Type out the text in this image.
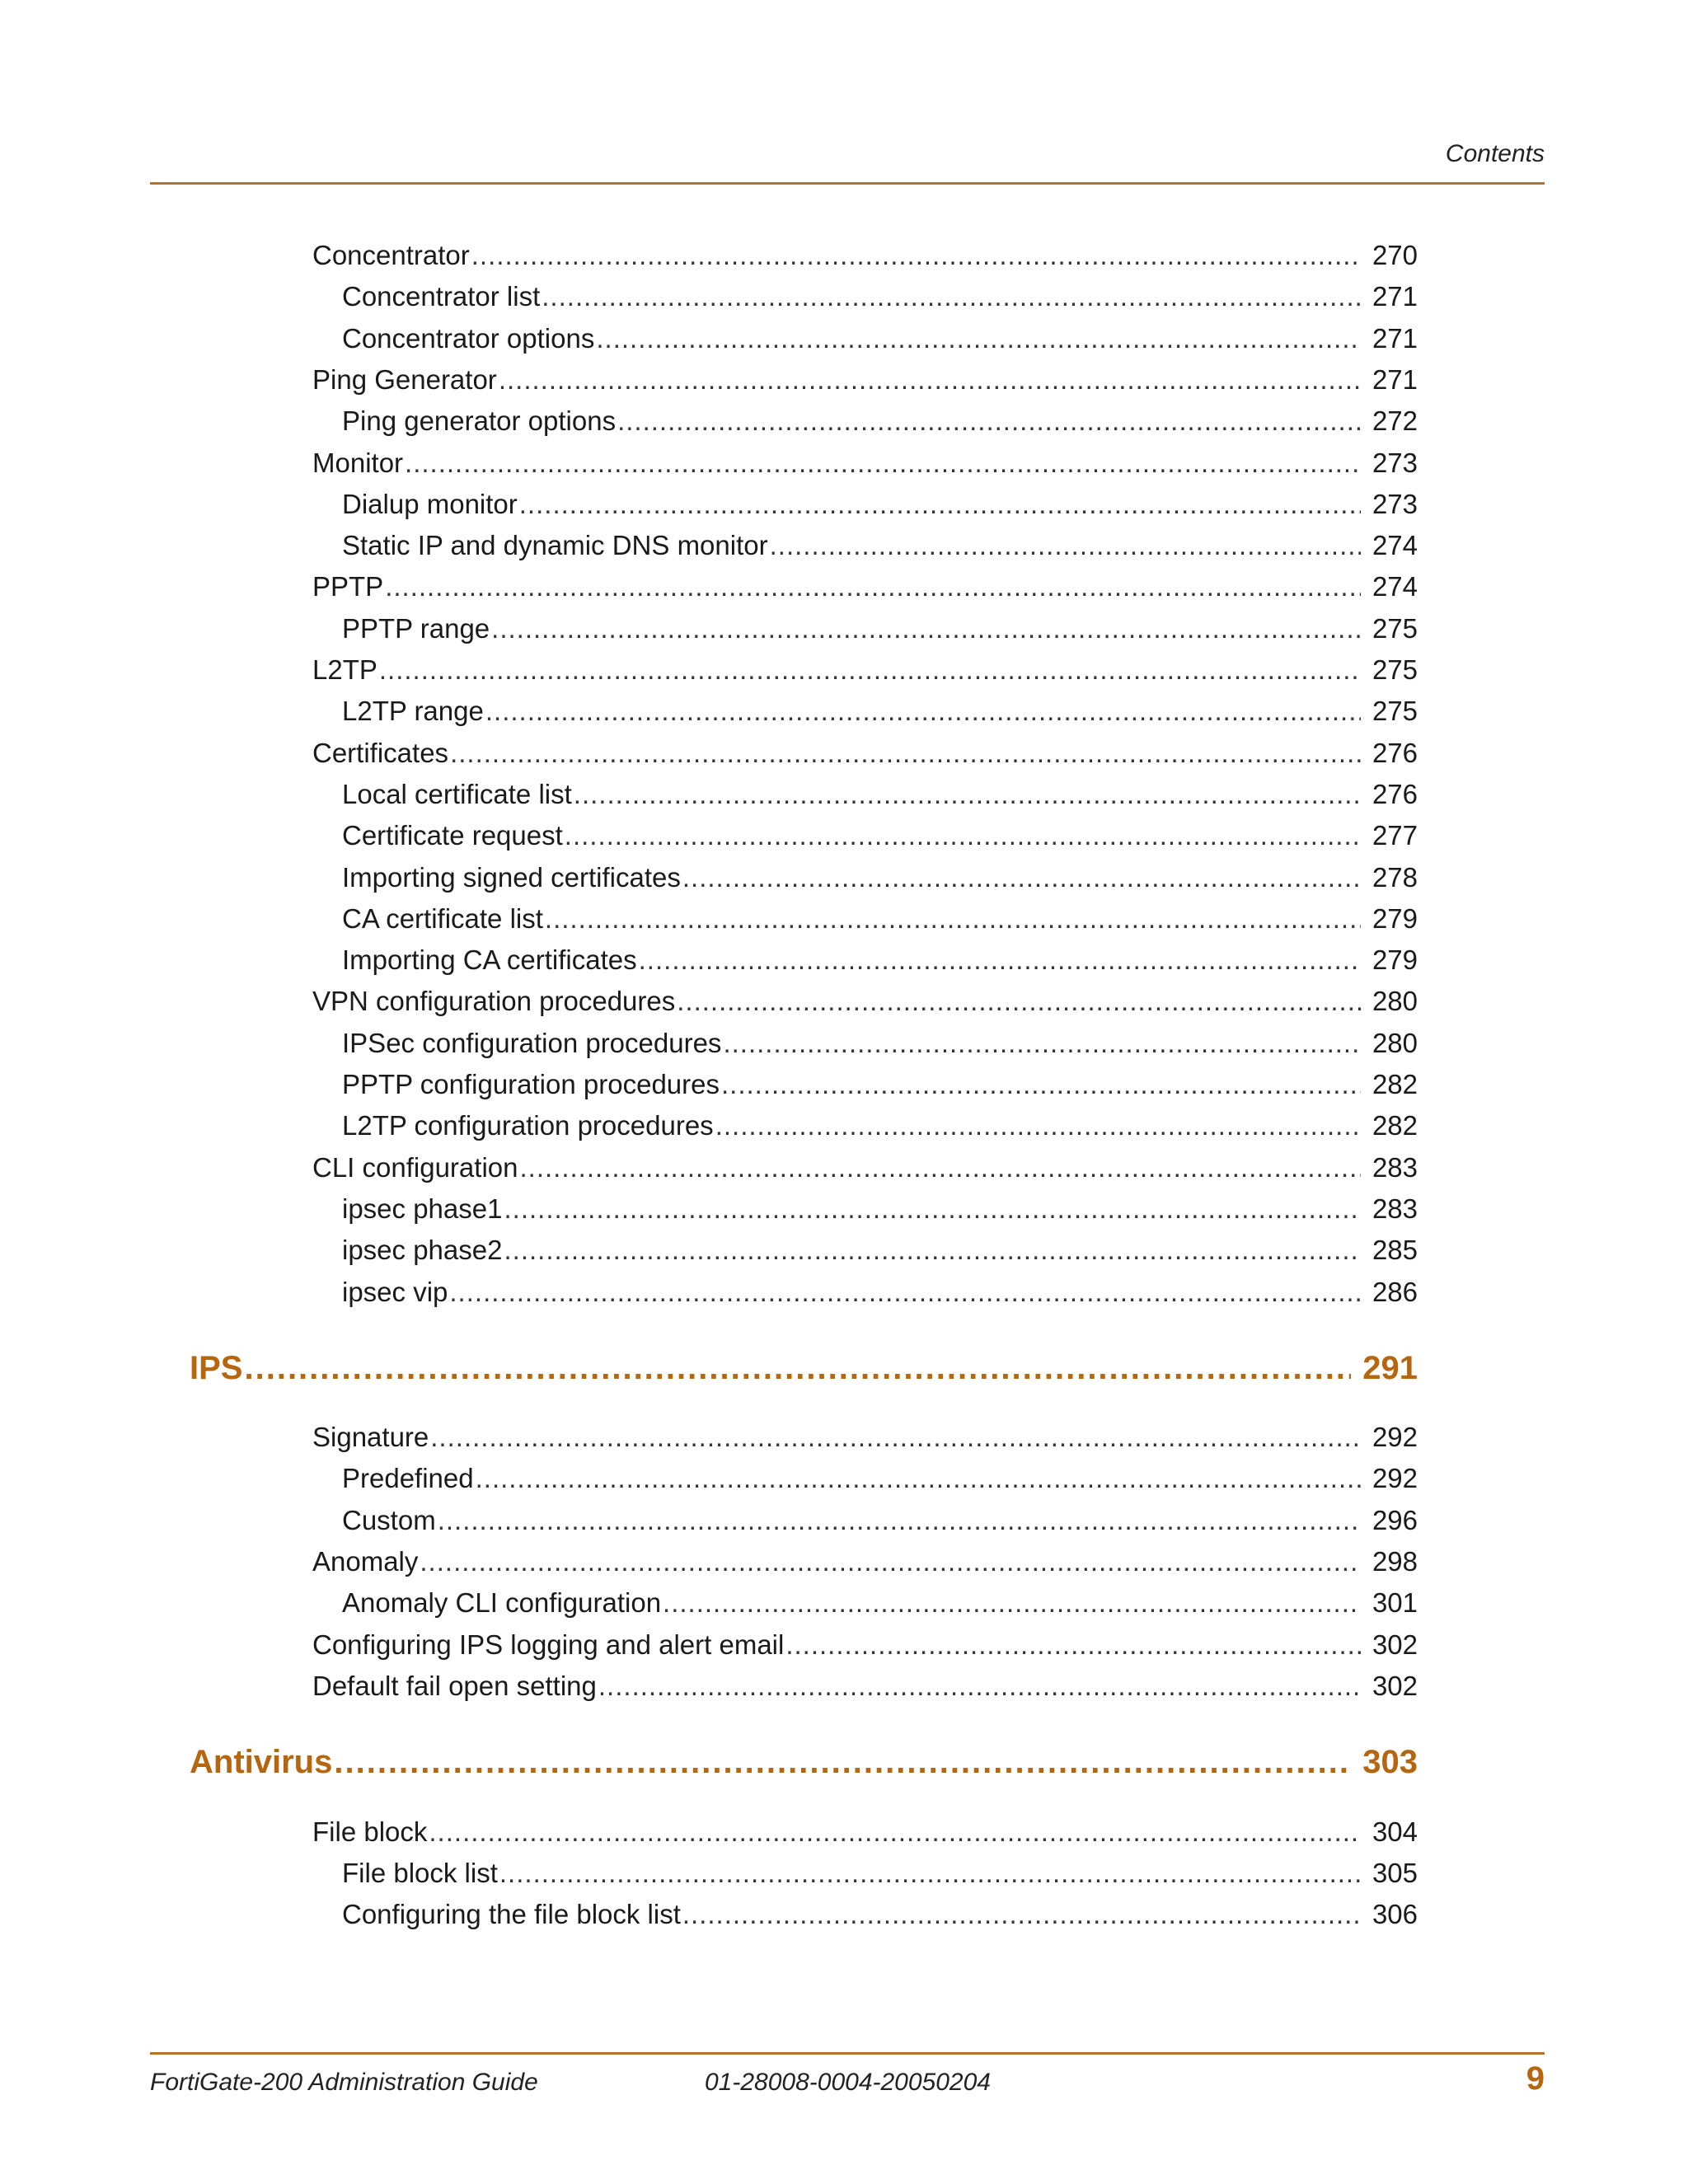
Contents
Concentrator .....	270
Concentrator list .....	271
Concentrator options .....	271
Ping Generator .....	271
Ping generator options .....	272
Monitor .....	273
Dialup monitor .....	273
Static IP and dynamic DNS monitor .....	274
PPTP .....	274
PPTP range .....	275
L2TP .....	275
L2TP range .....	275
Certificates .....	276
Local certificate list .....	276
Certificate request .....	277
Importing signed certificates .....	278
CA certificate list .....	279
Importing CA certificates .....	279
VPN configuration procedures .....	280
IPSec configuration procedures .....	280
PPTP configuration procedures .....	282
L2TP configuration procedures .....	282
CLI configuration .....	283
ipsec phase1 .....	283
ipsec phase2 .....	285
ipsec vip .....	286
IPS .....	291
Signature .....	292
Predefined .....	292
Custom .....	296
Anomaly .....	298
Anomaly CLI configuration .....	301
Configuring IPS logging and alert email .....	302
Default fail open setting .....	302
Antivirus .....	303
File block .....	304
File block list .....	305
Configuring the file block list .....	306
FortiGate-200 Administration Guide	01-28008-0004-20050204	9
